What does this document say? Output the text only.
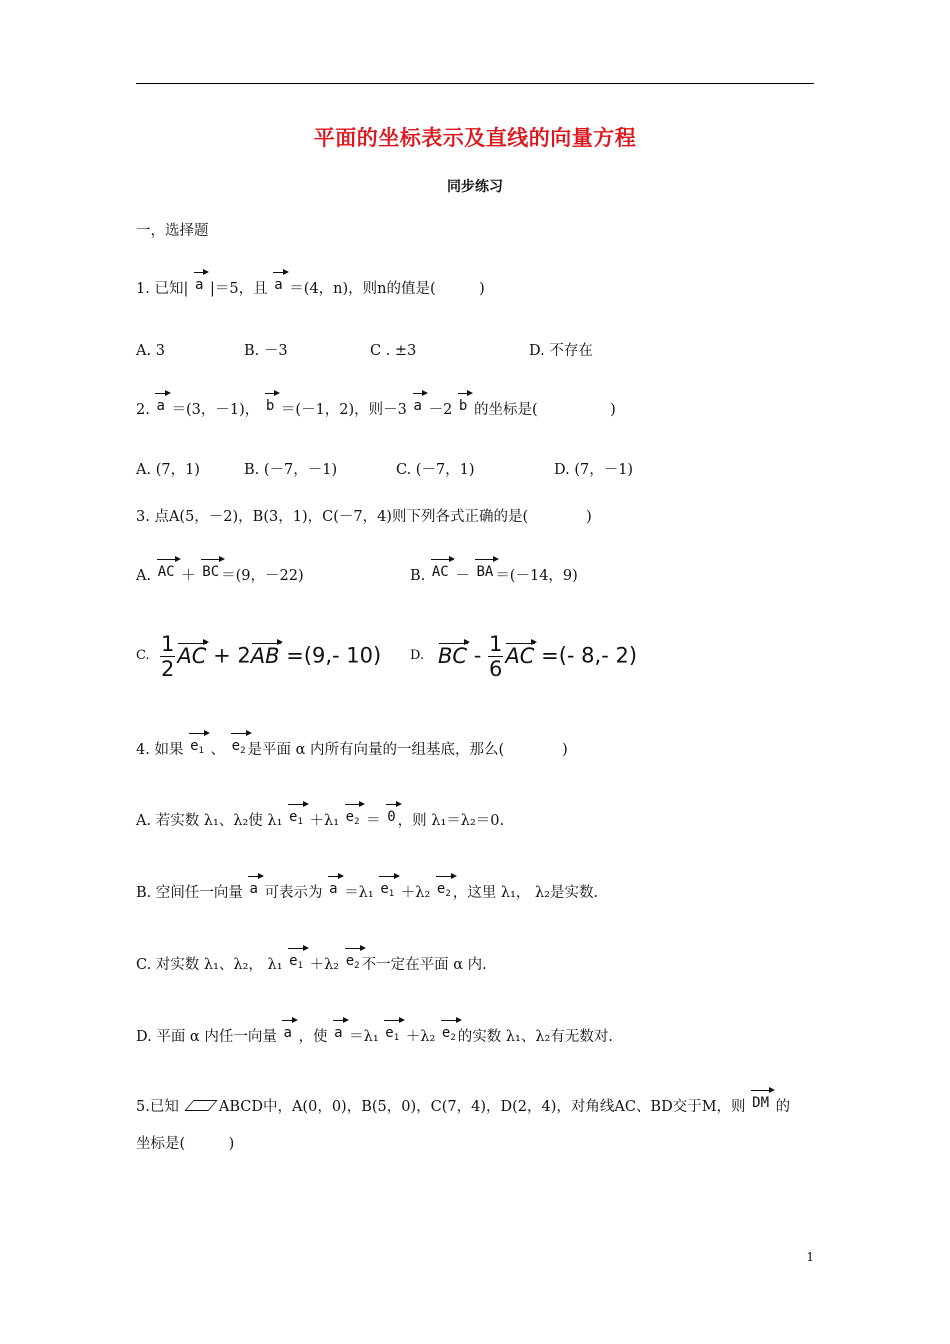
平面的坐标表示及直线的向量方程
同步练习
一，选择题
1. 已知| a |＝5，且 a ＝(4，n)，则n的值是(　　　)
A. 3	B. －3	C . ±3	D. 不存在
2. a ＝(3，－1)， b ＝(－1，2)，则－3 a －2 b 的坐标是(　　　　　)
A. (7，1)	B. (－7，－1)	C. (－7，1)	D. (7，－1)
3. 点A(5，－2)，B(3，1)，C(－7，4)则下列各式正确的是(　　　　)
A. AC ＋ BC ＝(9，－22)	B. AC － BA ＝(－14，9)
C. $\frac{1}{2}$ AC + 2AB =(9,- 10) D. BC - $\frac{1}{6}$ AC =(- 8,- 2)
4. 如果 $e_1$ 、 $e_2$ 是平面 α 内所有向量的一组基底，那么(　　　　)
A. 若实数 λ₁、λ₂使 λ₁ $e_1 +\lambda_1$ $e_2 = 0$ ，则 λ₁＝λ₂＝0.
B. 空间任一向量 a 可表示为 a ＝λ₁ $e_1 +\lambda_2$ $e_2$ ，这里 λ₁， λ₂是实数.
C. 对实数 λ₁、λ₂， λ₁ $e_1 +\lambda_2$ $e_2$ 不一定在平面 α 内.
D. 平面 α 内任一向量 a ，使 a ＝λ₁ $e_1 +\lambda_2$ $e_2$ 的实数 λ₁、λ₂有无数对.
5.已知	ABCD中，A(0，0)，B(5，0)，C(7，4)，D(2，4)，对角线AC、BD交于M，则 DM 的
坐标是(　　　)
1
